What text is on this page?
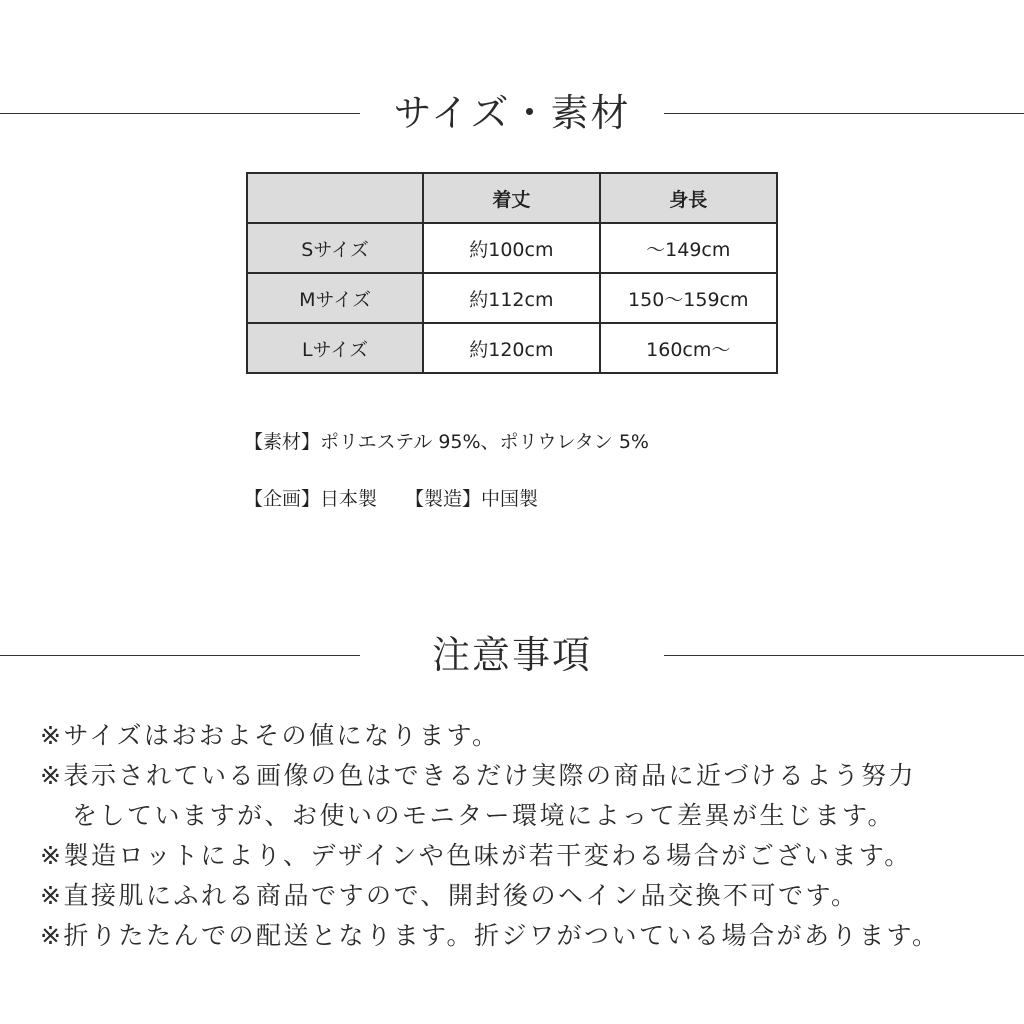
サイズ・素材
	着丈	身長
Sサイズ	約100cm	～149cm
Mサイズ	約112cm	150～159cm
Lサイズ	約120cm	160cm～
【素材】ポリエステル 95%、ポリウレタン 5%
【企画】日本製 【製造】中国製
注意事項
※サイズはおおよその値になります。
※表示されている画像の色はできるだけ実際の商品に近づけるよう努力
をしていますが、お使いのモニター環境によって差異が生じます。
※製造ロットにより、デザインや色味が若干変わる場合がございます。
※直接肌にふれる商品ですので、開封後のヘイン品交換不可です。
※折りたたんでの配送となります。折ジワがついている場合があります。
